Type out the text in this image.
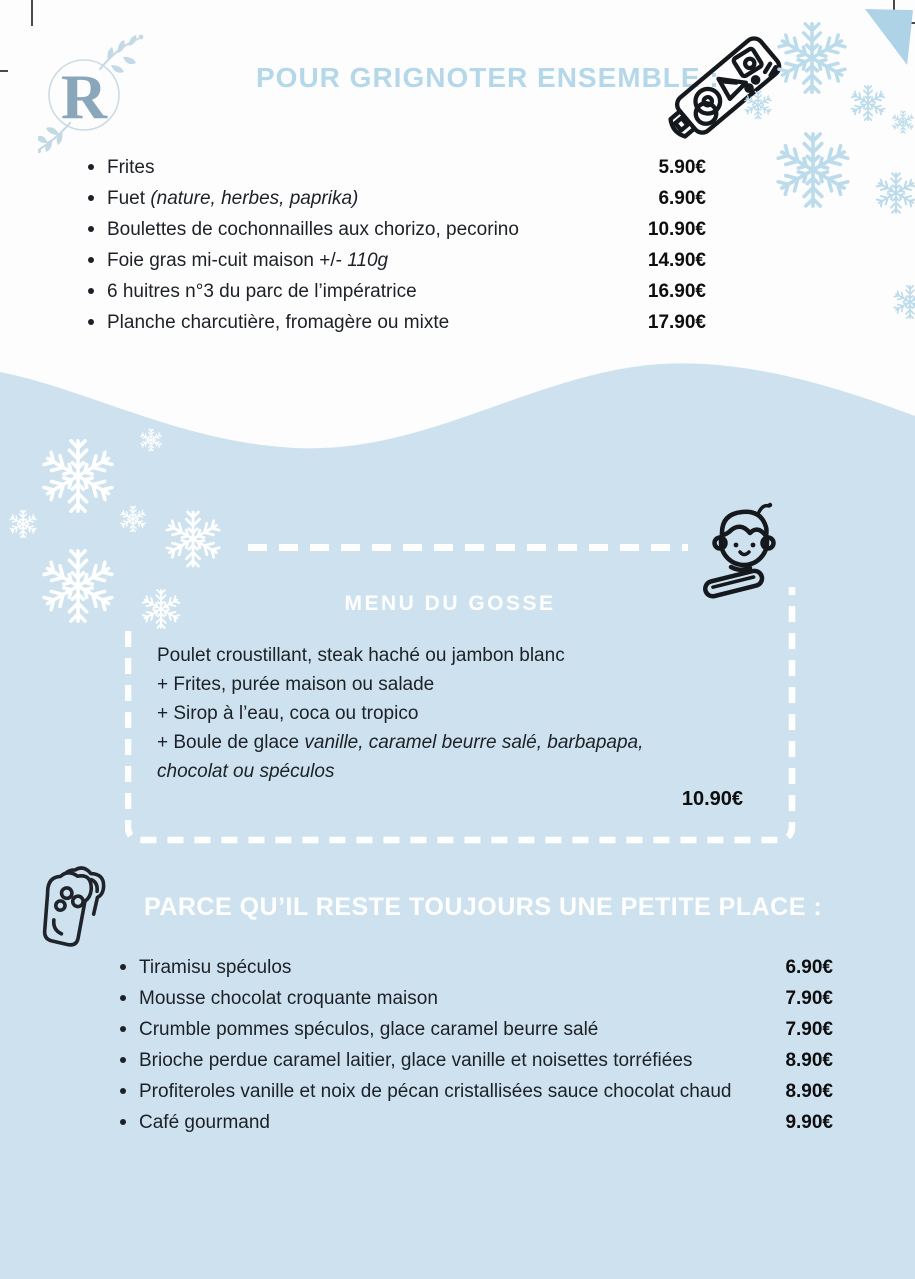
R	POUR GRIGNOTER ENSEMBLE :
Frites	5.90€
Fuet (nature, herbes, paprika)	6.90€
Boulettes de cochonnailles aux chorizo, pecorino	10.90€
Foie gras mi-cuit maison +/- 110g	14.90€
6 huitres n°3 du parc de l’impératrice	16.90€
Planche charcutière, fromagère ou mixte	17.90€
MENU DU GOSSE
Poulet croustillant, steak haché ou jambon blanc
+ Frites, purée maison ou salade
+ Sirop à l’eau, coca ou tropico
+ Boule de glace vanille, caramel beurre salé, barbapapa,
chocolat ou spéculos
10.90€
PARCE QU’IL RESTE TOUJOURS UNE PETITE PLACE :
Tiramisu spéculos	6.90€
Mousse chocolat croquante maison	7.90€
Crumble pommes spéculos, glace caramel beurre salé	7.90€
Brioche perdue caramel laitier, glace vanille et noisettes torréfiées	8.90€
Profiteroles vanille et noix de pécan cristallisées sauce chocolat chaud	8.90€
Café gourmand	9.90€
